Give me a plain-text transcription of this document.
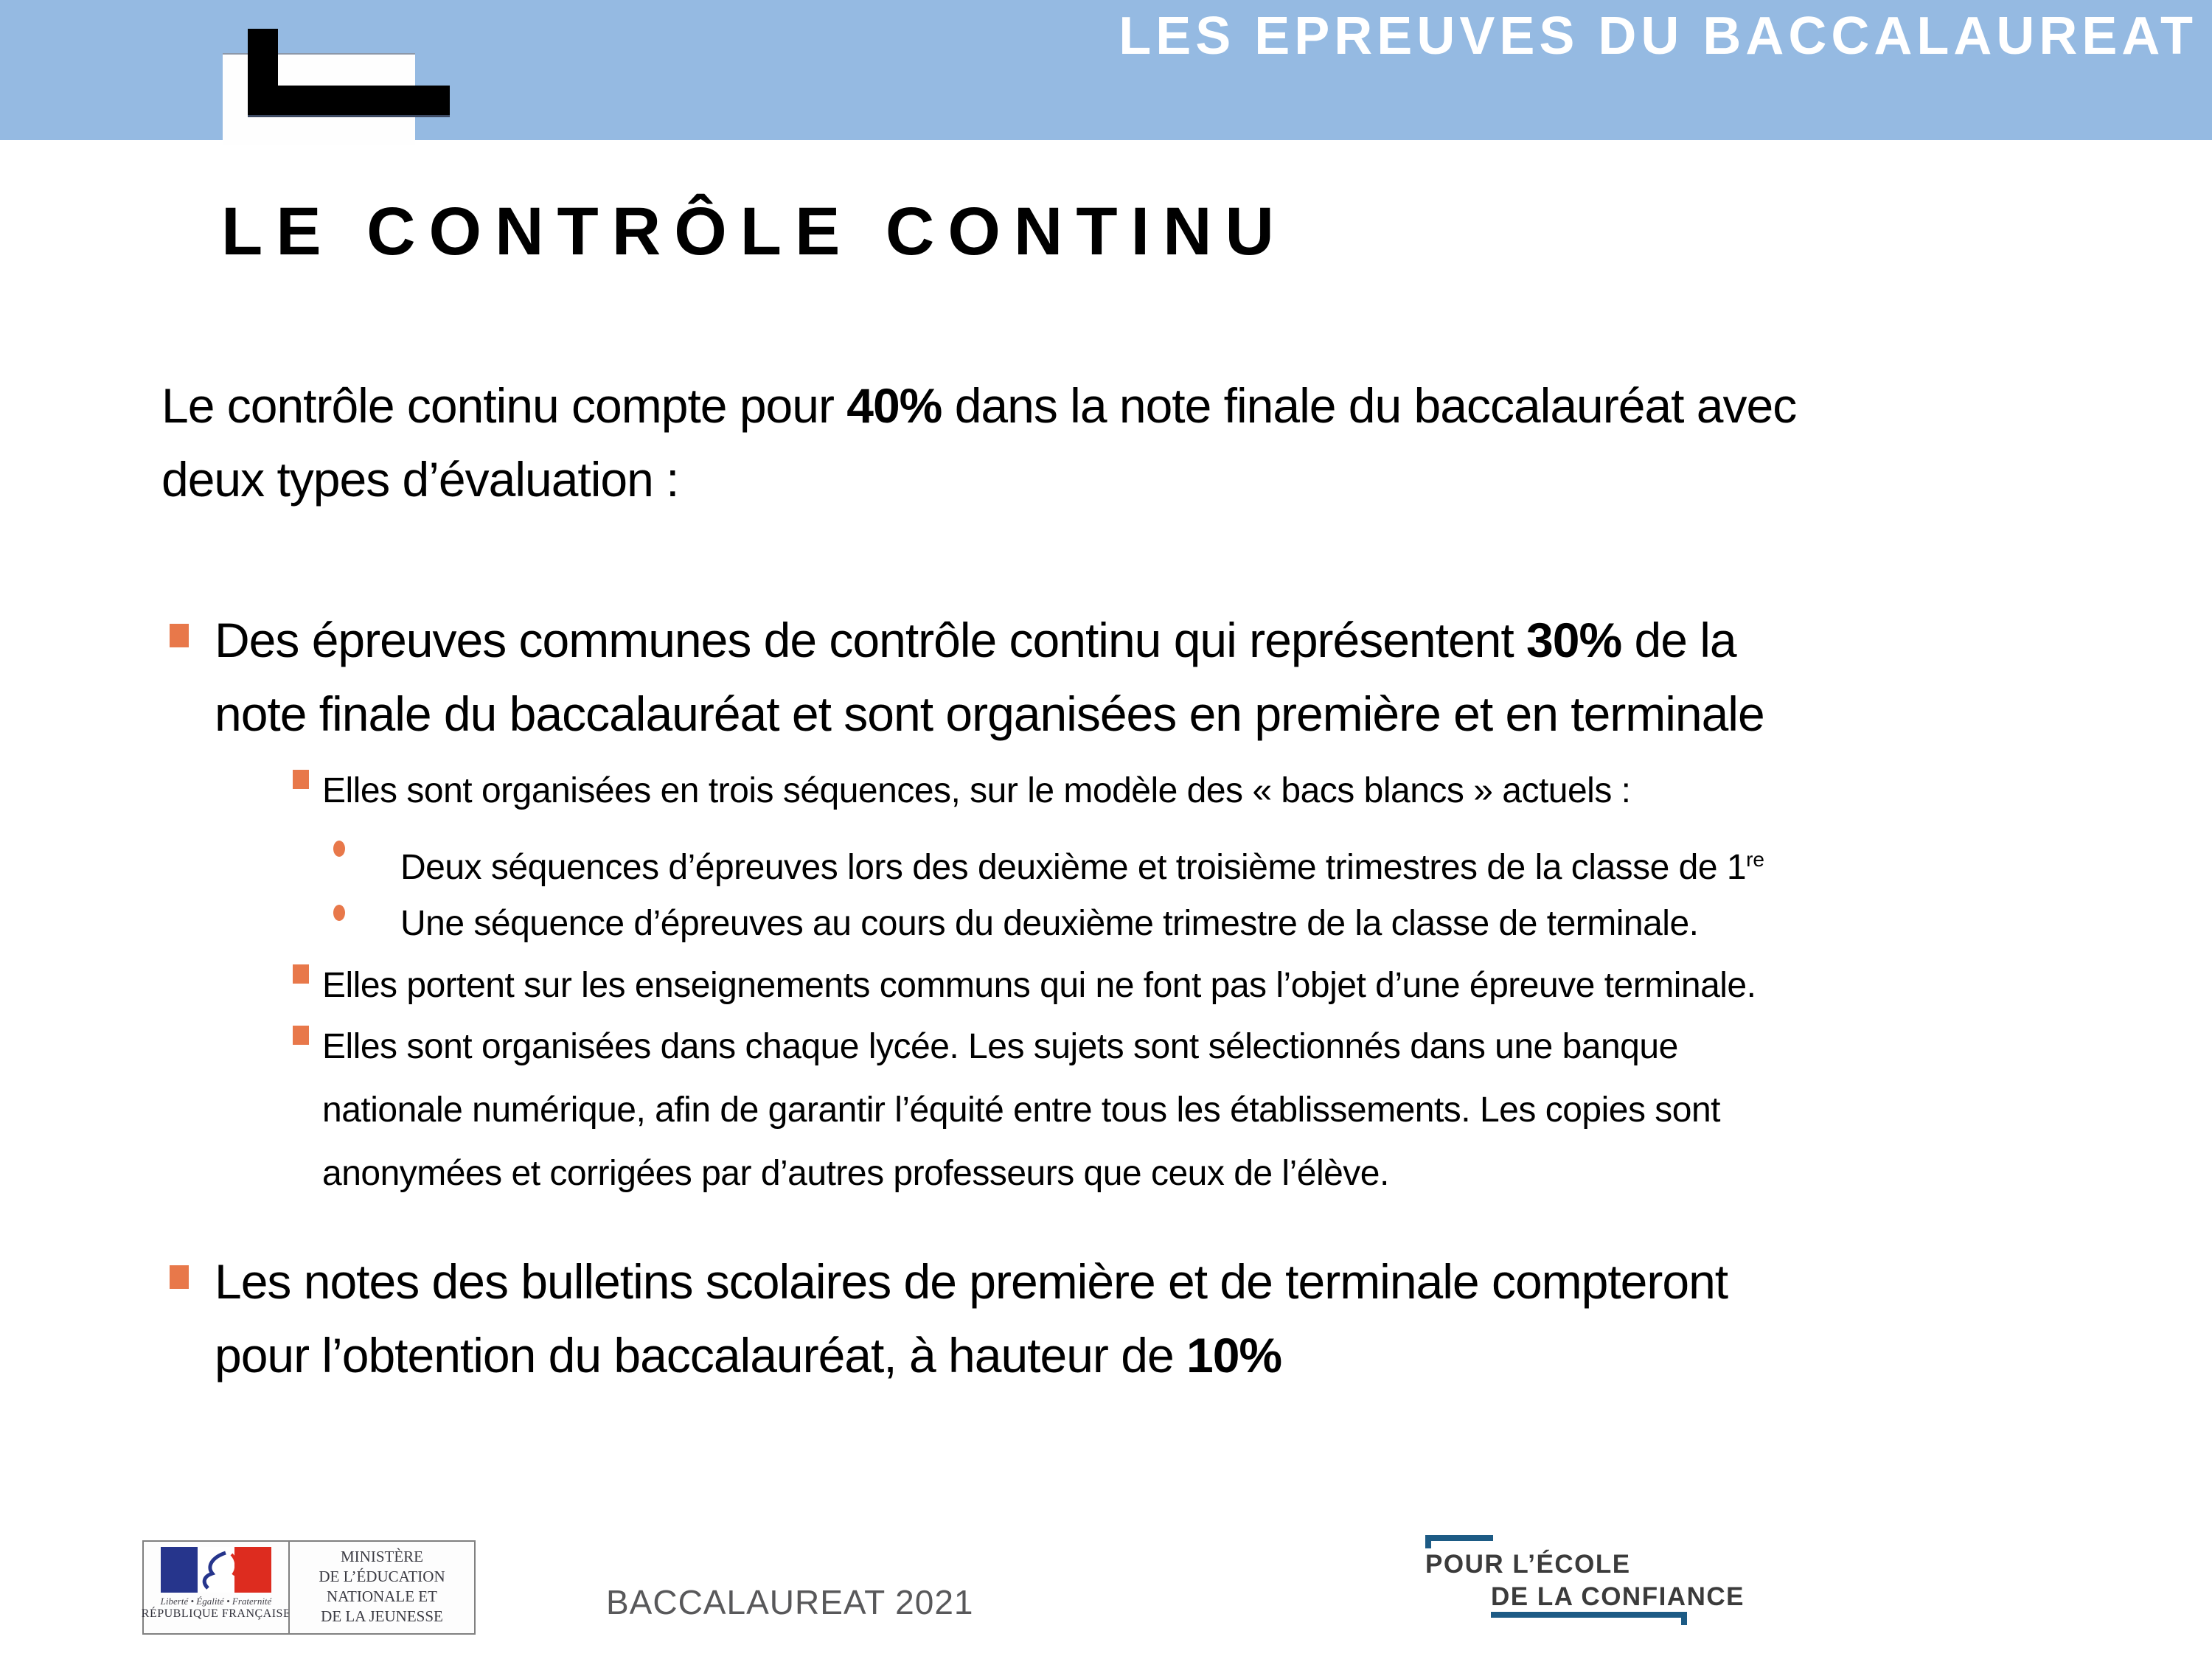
LES EPREUVES DU BACCALAUREAT
LE CONTRÔLE CONTINU
Le contrôle continu compte pour 40% dans la note finale du baccalauréat avec
deux types d’évaluation :
Des épreuves communes de contrôle continu qui représentent 30% de la
note finale du baccalauréat et sont organisées en première et en terminale
Elles sont organisées en trois séquences, sur le modèle des « bacs blancs » actuels :
Deux séquences d’épreuves lors des deuxième et troisième trimestres de la classe de 1re
Une séquence d’épreuves au cours du deuxième trimestre de la classe de terminale.
Elles portent sur les enseignements communs qui ne font pas l’objet d’une épreuve terminale.
Elles sont organisées dans chaque lycée. Les sujets sont sélectionnés dans une banque
nationale numérique, afin de garantir l’équité entre tous les établissements. Les copies sont
anonymées et corrigées par d’autres professeurs que ceux de l’élève.
Les notes des bulletins scolaires de première et de terminale compteront
pour l’obtention du baccalauréat, à hauteur de 10%
Liberté • Égalité • Fraternité
RÉPUBLIQUE FRANÇAISE
MINISTÈRE
DE L’ÉDUCATION
NATIONALE ET
DE LA JEUNESSE	BACCALAUREAT 2021
POUR L’ÉCOLE
DE LA CONFIANCE
